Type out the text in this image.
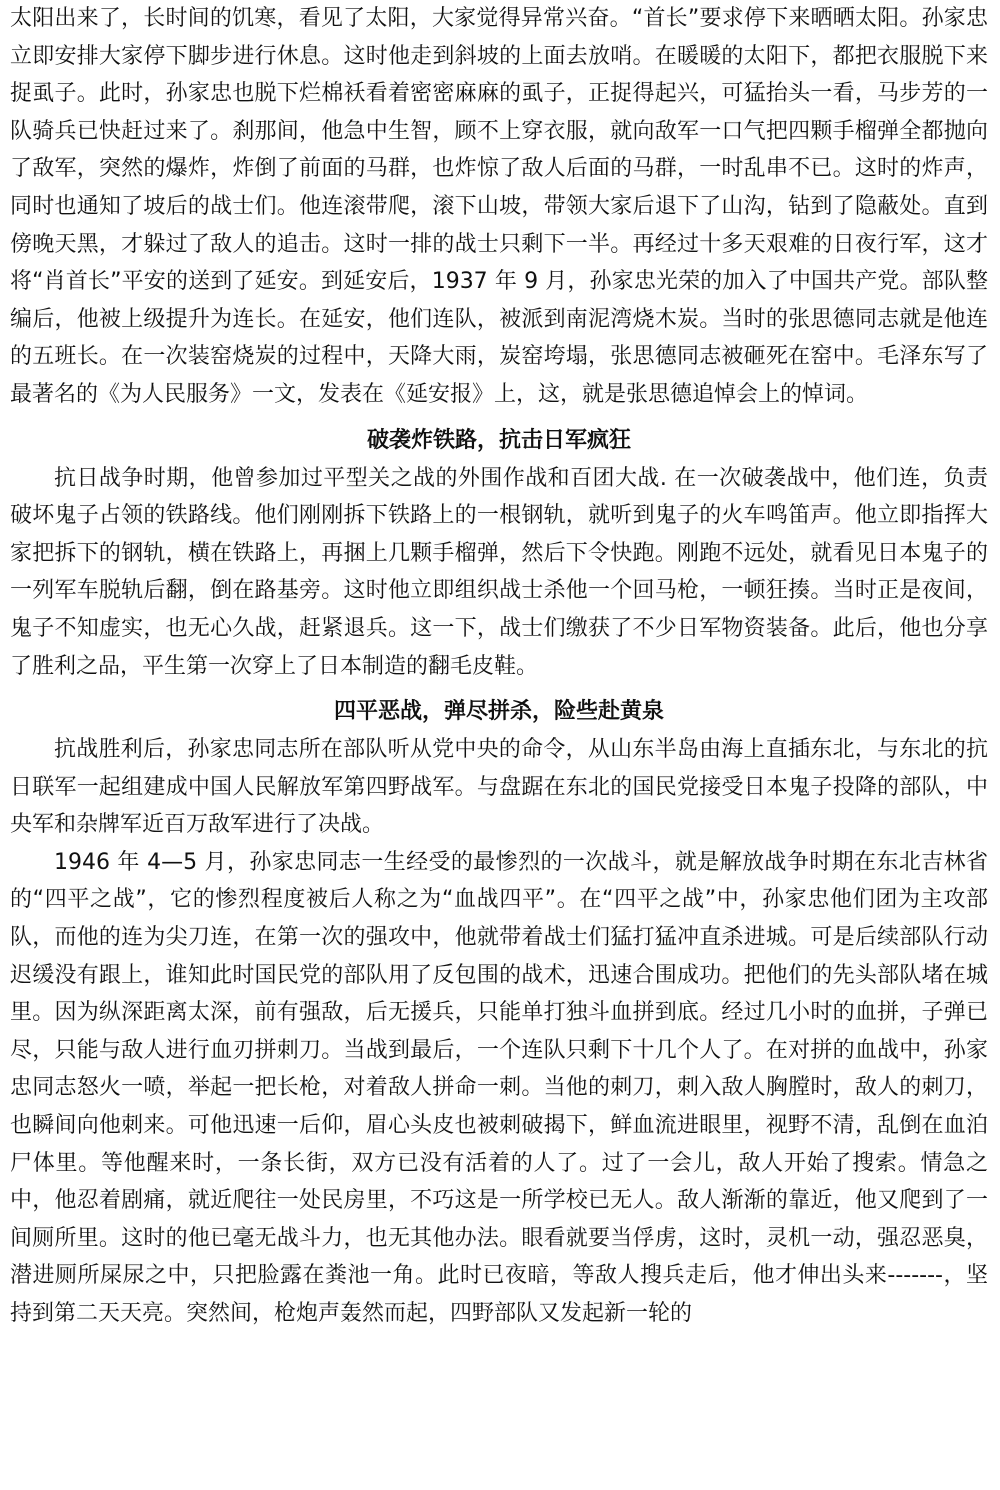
太阳出来了，长时间的饥寒，看见了太阳，大家觉得异常兴奋。“首长”要求停下来晒晒太阳。孙家忠立即安排大家停下脚步进行休息。这时他走到斜坡的上面去放哨。在暖暖的太阳下，都把衣服脱下来捉虱子。此时，孙家忠也脱下烂棉袄看着密密麻麻的虱子，正捉得起兴，可猛抬头一看，马步芳的一队骑兵已快赶过来了。刹那间，他急中生智，顾不上穿衣服，就向敌军一口气把四颗手榴弹全都抛向了敌军，突然的爆炸，炸倒了前面的马群，也炸惊了敌人后面的马群，一时乱串不已。这时的炸声，同时也通知了坡后的战士们。他连滚带爬，滚下山坡，带领大家后退下了山沟，钻到了隐蔽处。直到傍晚天黑，才躲过了敌人的追击。这时一排的战士只剩下一半。再经过十多天艰难的日夜行军，这才将“肖首长”平安的送到了延安。到延安后，1937 年 9 月，孙家忠光荣的加入了中国共产党。部队整编后，他被上级提升为连长。在延安，他们连队，被派到南泥湾烧木炭。当时的张思德同志就是他连的五班长。在一次装窑烧炭的过程中，天降大雨，炭窑垮塌，张思德同志被砸死在窑中。毛泽东写了最著名的《为人民服务》一文，发表在《延安报》上，这，就是张思德追悼会上的悼词。

破袭炸铁路，抗击日军疯狂

抗日战争时期，他曾参加过平型关之战的外围作战和百团大战. 在一次破袭战中，他们连，负责破坏鬼子占领的铁路线。他们刚刚拆下铁路上的一根钢轨，就听到鬼子的火车鸣笛声。他立即指挥大家把拆下的钢轨，横在铁路上，再捆上几颗手榴弹，然后下令快跑。刚跑不远处，就看见日本鬼子的一列军车脱轨后翻，倒在路基旁。这时他立即组织战士杀他一个回马枪，一顿狂揍。当时正是夜间，鬼子不知虚实，也无心久战，赶紧退兵。这一下，战士们缴获了不少日军物资装备。此后，他也分享了胜利之品，平生第一次穿上了日本制造的翻毛皮鞋。

四平恶战，弹尽拼杀，险些赴黄泉

抗战胜利后，孙家忠同志所在部队听从党中央的命令，从山东半岛由海上直插东北，与东北的抗日联军一起组建成中国人民解放军第四野战军。与盘踞在东北的国民党接受日本鬼子投降的部队，中央军和杂牌军近百万敌军进行了决战。

1946 年 4—5 月，孙家忠同志一生经受的最惨烈的一次战斗，就是解放战争时期在东北吉林省的“四平之战”，它的惨烈程度被后人称之为“血战四平”。在“四平之战”中，孙家忠他们团为主攻部队，而他的连为尖刀连，在第一次的强攻中，他就带着战士们猛打猛冲直杀进城。可是后续部队行动迟缓没有跟上，谁知此时国民党的部队用了反包围的战术，迅速合围成功。把他们的先头部队堵在城里。因为纵深距离太深，前有强敌，后无援兵，只能单打独斗血拼到底。经过几小时的血拼，子弹已尽，只能与敌人进行血刃拼刺刀。当战到最后，一个连队只剩下十几个人了。在对拼的血战中，孙家忠同志怒火一喷，举起一把长枪，对着敌人拼命一刺。当他的刺刀，刺入敌人胸膛时，敌人的刺刀，也瞬间向他刺来。可他迅速一后仰，眉心头皮也被刺破揭下，鲜血流进眼里，视野不清，乱倒在血泊尸体里。等他醒来时，一条长街，双方已没有活着的人了。过了一会儿，敌人开始了搜索。情急之中，他忍着剧痛，就近爬往一处民房里，不巧这是一所学校已无人。敌人渐渐的靠近，他又爬到了一间厕所里。这时的他已毫无战斗力，也无其他办法。眼看就要当俘虏，这时，灵机一动，强忍恶臭，潜进厕所屎尿之中，只把脸露在粪池一角。此时已夜暗，等敌人搜兵走后，他才伸出头来-------，坚持到第二天天亮。突然间，枪炮声轰然而起，四野部队又发起新一轮的
